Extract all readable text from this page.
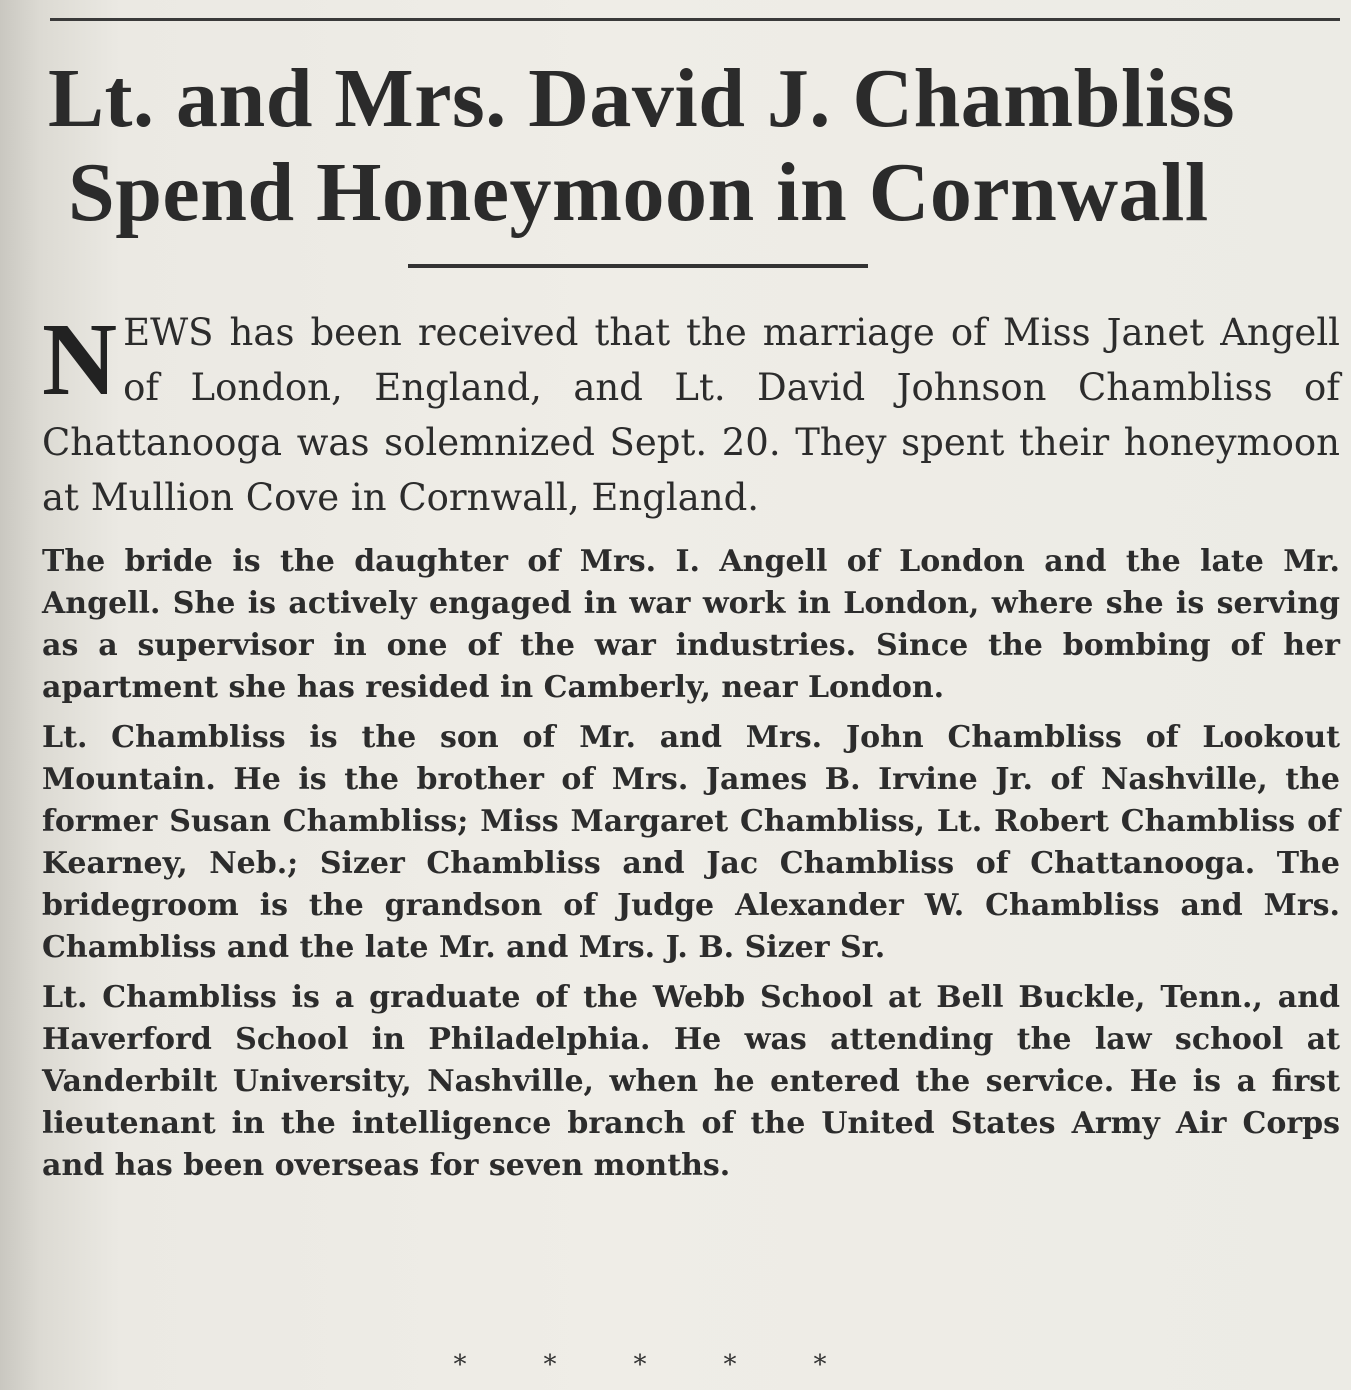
Lt. and Mrs. David J. Chambliss
Spend Honeymoon in Cornwall

NEWS has been received that the marriage of Miss Janet Angell of London, England, and Lt. David Johnson Chambliss of Chattanooga was solemnized Sept. 20. They spent their honeymoon at Mullion Cove in Cornwall, England.

The bride is the daughter of Mrs. I. Angell of London and the late Mr. Angell. She is actively engaged in war work in London, where she is serving as a supervisor in one of the war industries. Since the bombing of her apartment she has resided in Camberly, near London.

Lt. Chambliss is the son of Mr. and Mrs. John Chambliss of Lookout Mountain. He is the brother of Mrs. James B. Irvine Jr. of Nashville, the former Susan Chambliss; Miss Margaret Chambliss, Lt. Robert Chambliss of Kearney, Neb.; Sizer Chambliss and Jac Chambliss of Chattanooga. The bridegroom is the grandson of Judge Alexander W. Chambliss and Mrs. Chambliss and the late Mr. and Mrs. J. B. Sizer Sr.

Lt. Chambliss is a graduate of the Webb School at Bell Buckle, Tenn., and Haverford School in Philadelphia. He was attending the law school at Vanderbilt University, Nashville, when he entered the service. He is a first lieutenant in the intelligence branch of the United States Army Air Corps and has been overseas for seven months.

*	*	*	*	*
